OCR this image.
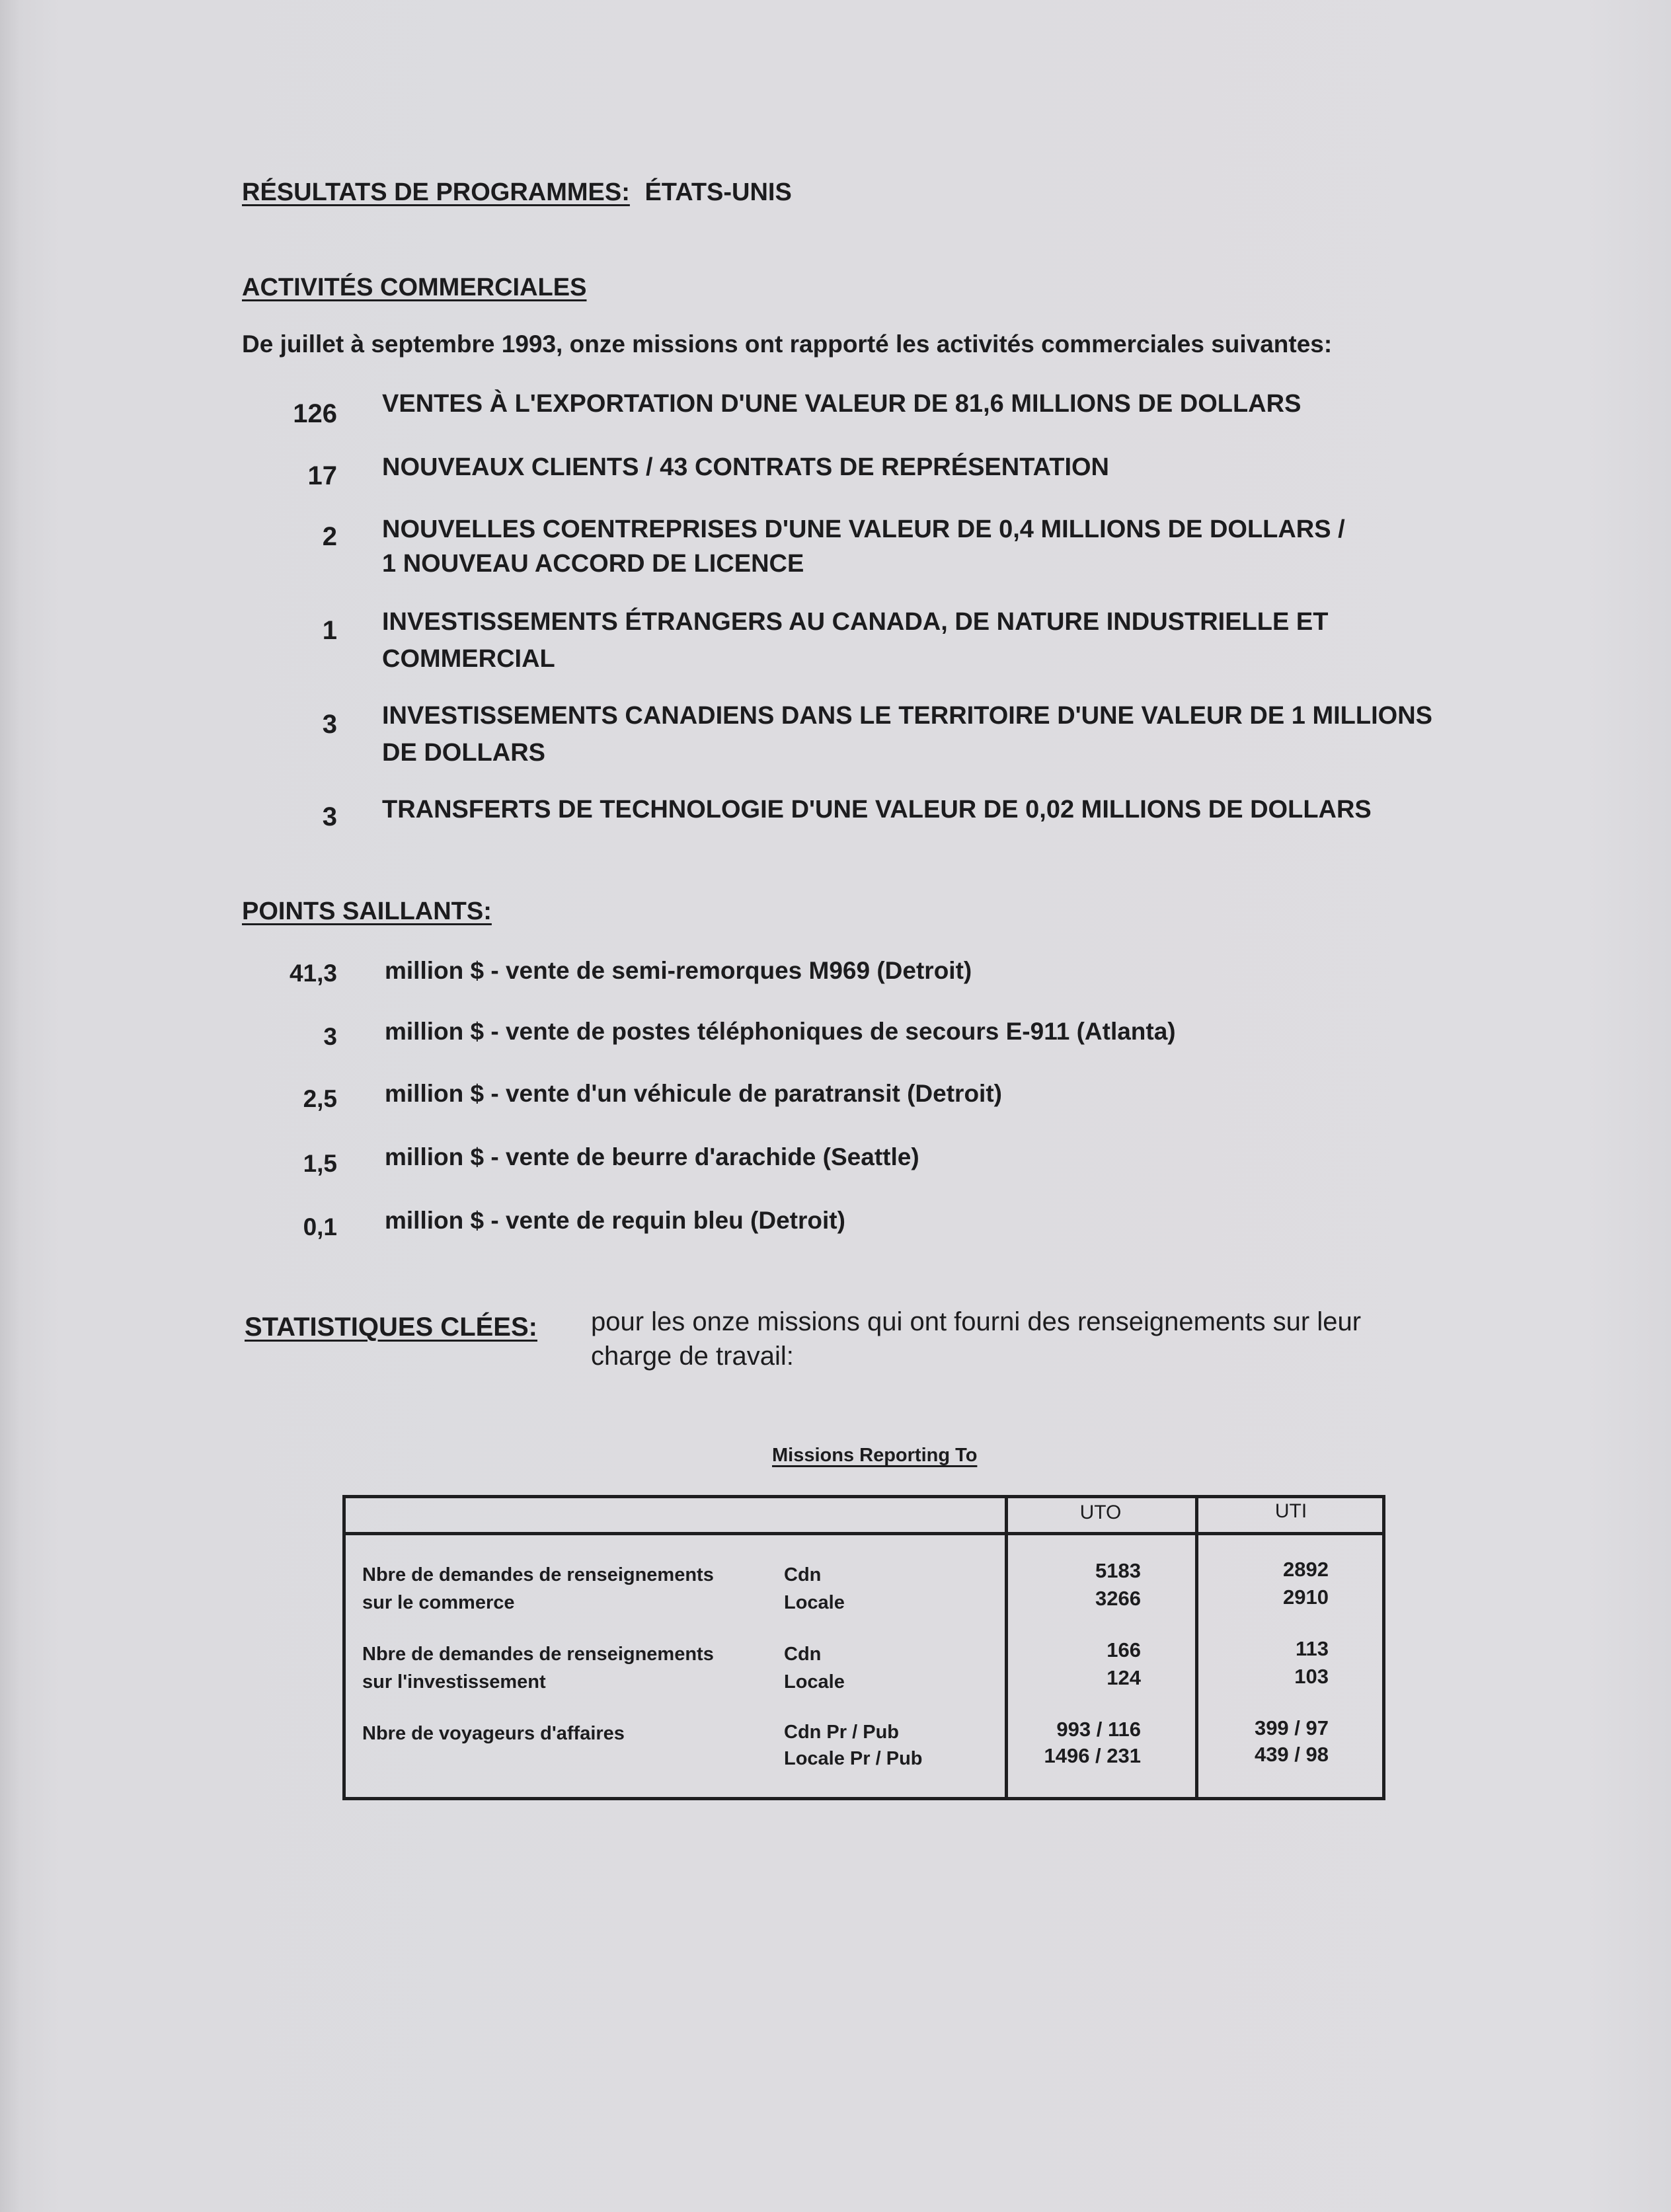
RÉSULTATS DE PROGRAMMES: ÉTATS-UNIS
ACTIVITÉS COMMERCIALES
De juillet à septembre 1993, onze missions ont rapporté les activités commerciales suivantes:
126 VENTES À L'EXPORTATION D'UNE VALEUR DE 81,6 MILLIONS DE DOLLARS
17 NOUVEAUX CLIENTS / 43 CONTRATS DE REPRÉSENTATION
2 NOUVELLES COENTREPRISES D'UNE VALEUR DE 0,4 MILLIONS DE DOLLARS /
1 NOUVEAU ACCORD DE LICENCE
1 INVESTISSEMENTS ÉTRANGERS AU CANADA, DE NATURE INDUSTRIELLE ET
COMMERCIAL
3 INVESTISSEMENTS CANADIENS DANS LE TERRITOIRE D'UNE VALEUR DE 1 MILLIONS
DE DOLLARS
3 TRANSFERTS DE TECHNOLOGIE D'UNE VALEUR DE 0,02 MILLIONS DE DOLLARS
POINTS SAILLANTS:
41,3 million $ - vente de semi-remorques M969 (Detroit)
3 million $ - vente de postes téléphoniques de secours E-911 (Atlanta)
2,5 million $ - vente d'un véhicule de paratransit (Detroit)
1,5 million $ - vente de beurre d'arachide (Seattle)
0,1 million $ - vente de requin bleu (Detroit)
STATISTIQUES CLÉES: pour les onze missions qui ont fourni des renseignements sur leur
charge de travail:
Missions Reporting To
UTO	UTI
Nbre de demandes de renseignements
sur le commerce
Cdn
Locale
5183
3266
2892
2910
Nbre de demandes de renseignements
sur l'investissement
Cdn
Locale
166
124
113
103
Nbre de voyageurs d'affaires	Cdn Pr / Pub
Locale Pr / Pub
993 / 116
1496 / 231
399 / 97
439 / 98
